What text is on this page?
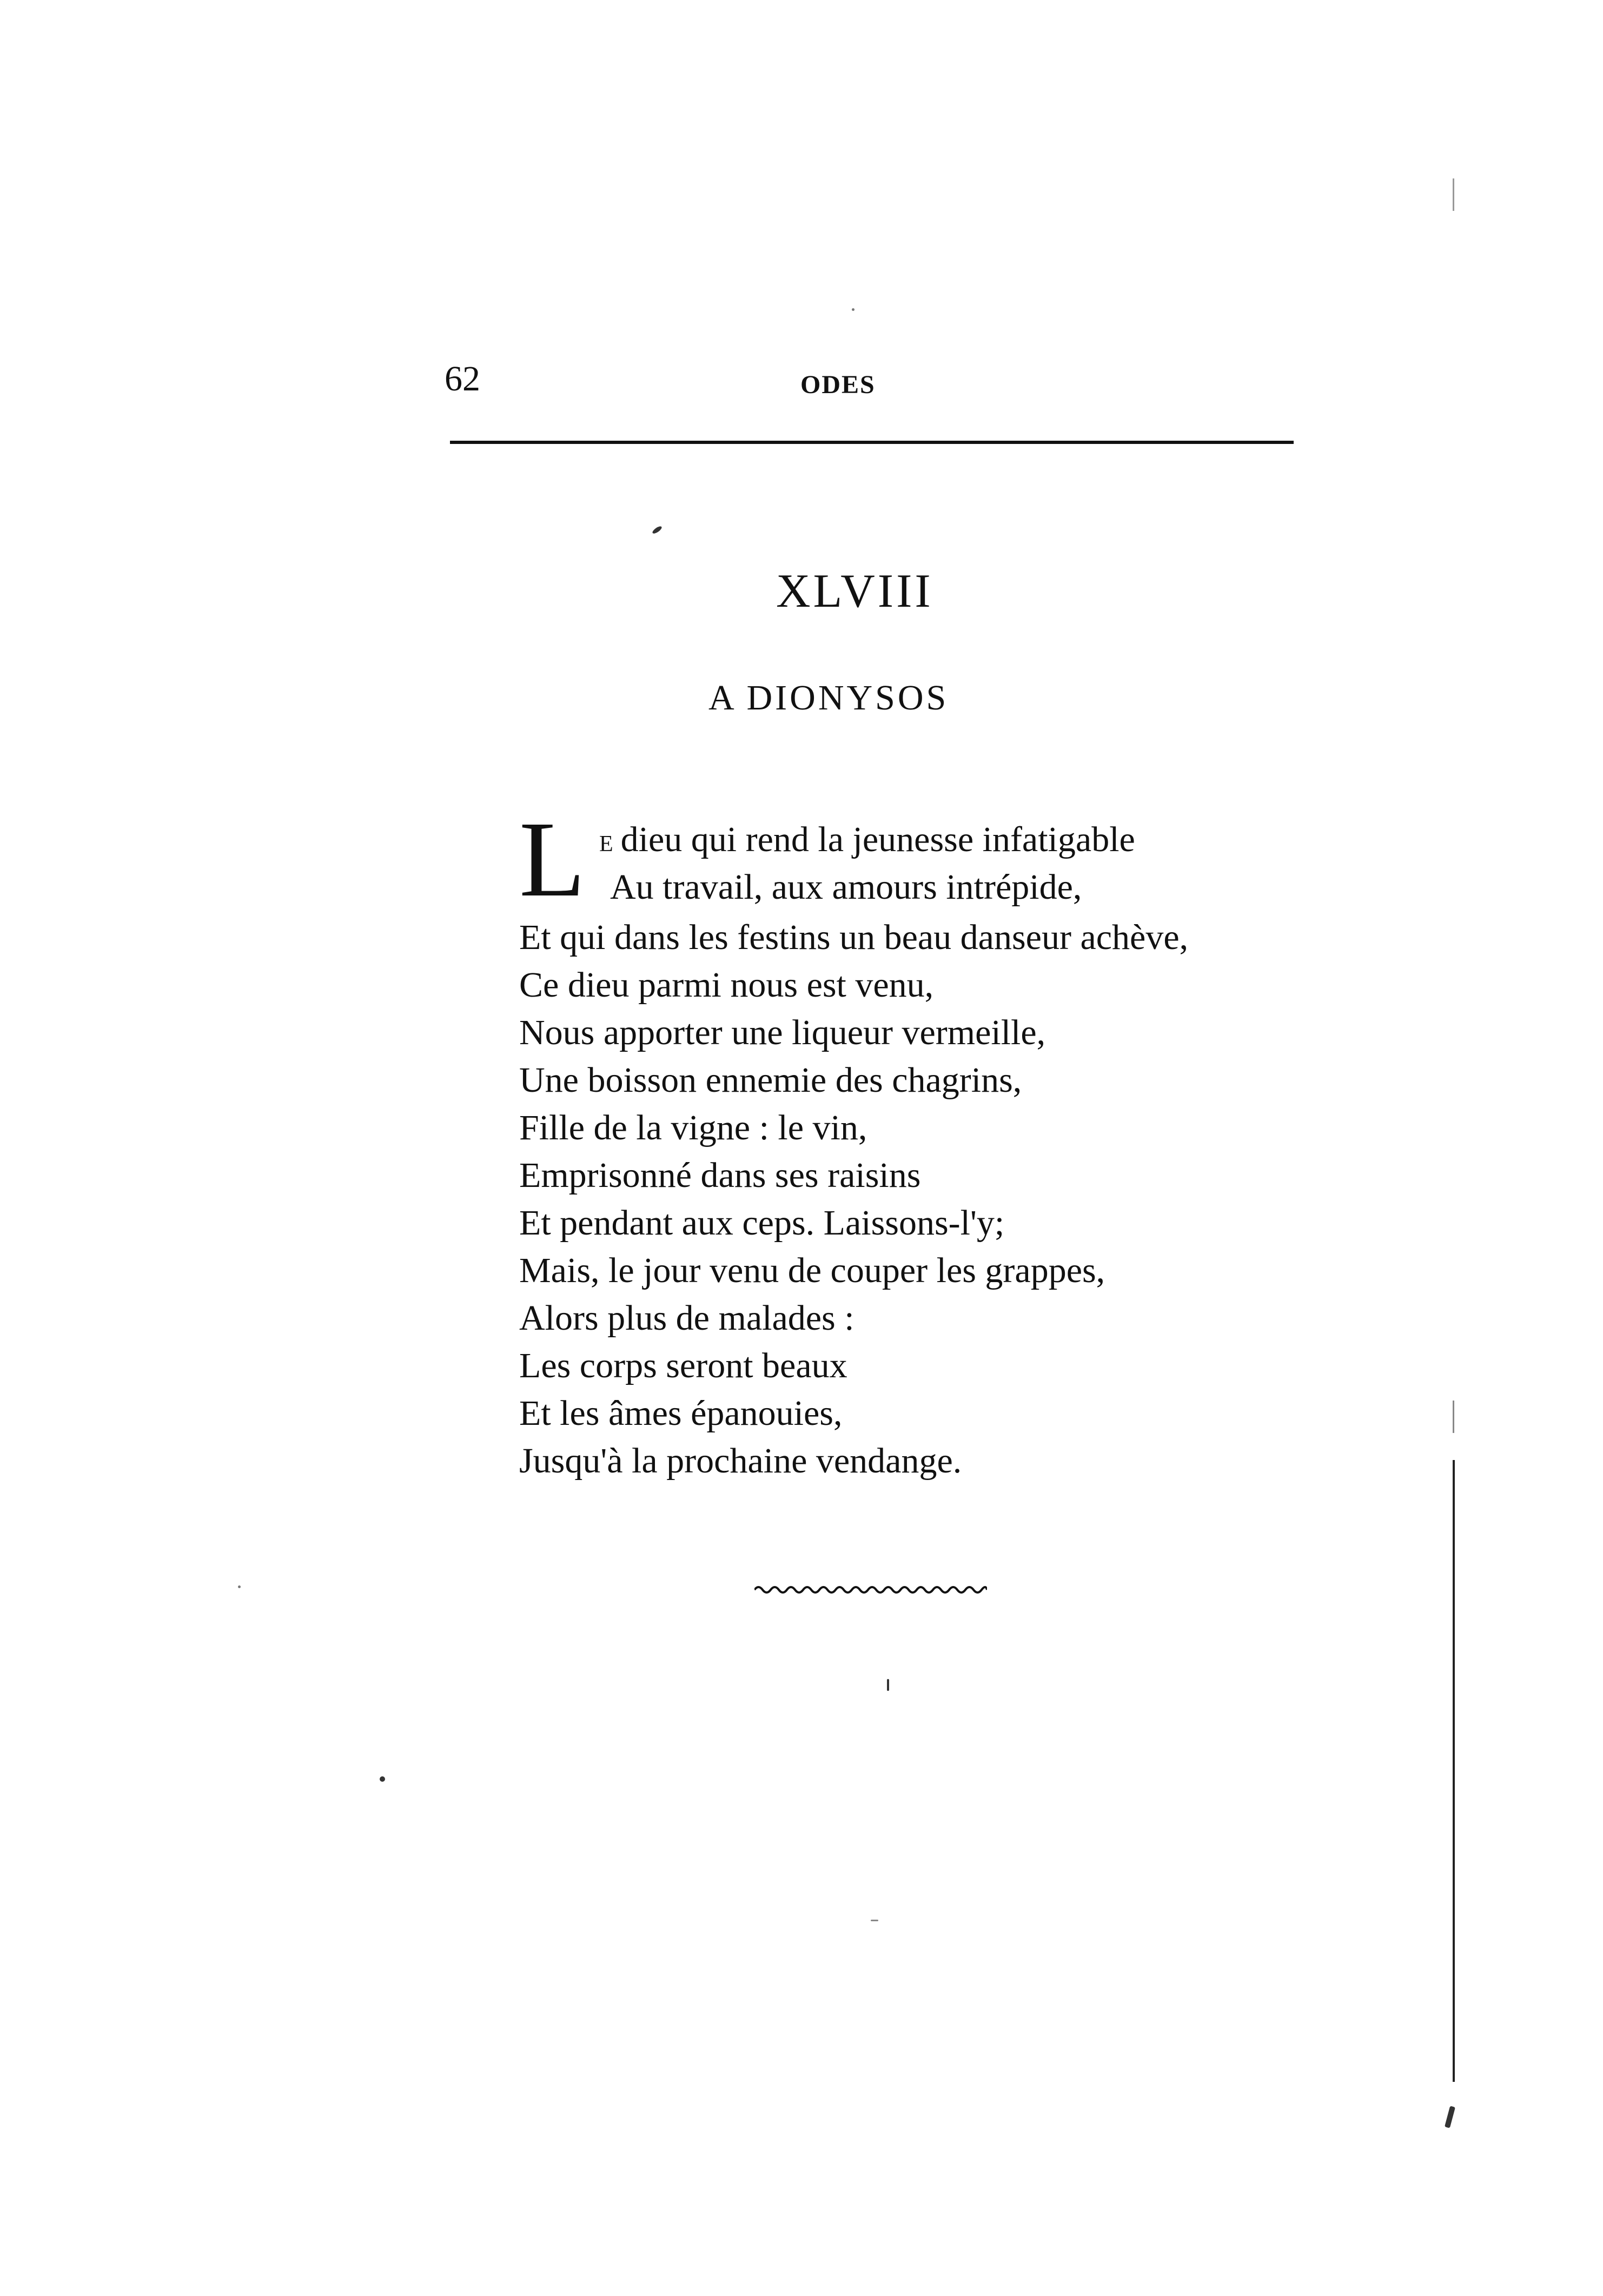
62	ODES
XLVIII
A DIONYSOS
L E dieu qui rend la jeunesse infatigable
Au travail, aux amours intrépide,
Et qui dans les festins un beau danseur achève,
Ce dieu parmi nous est venu,
Nous apporter une liqueur vermeille,
Une boisson ennemie des chagrins,
Fille de la vigne : le vin,
Emprisonné dans ses raisins
Et pendant aux ceps. Laissons-l'y;
Mais, le jour venu de couper les grappes,
Alors plus de malades :
Les corps seront beaux
Et les âmes épanouies,
Jusqu'à la prochaine vendange.
